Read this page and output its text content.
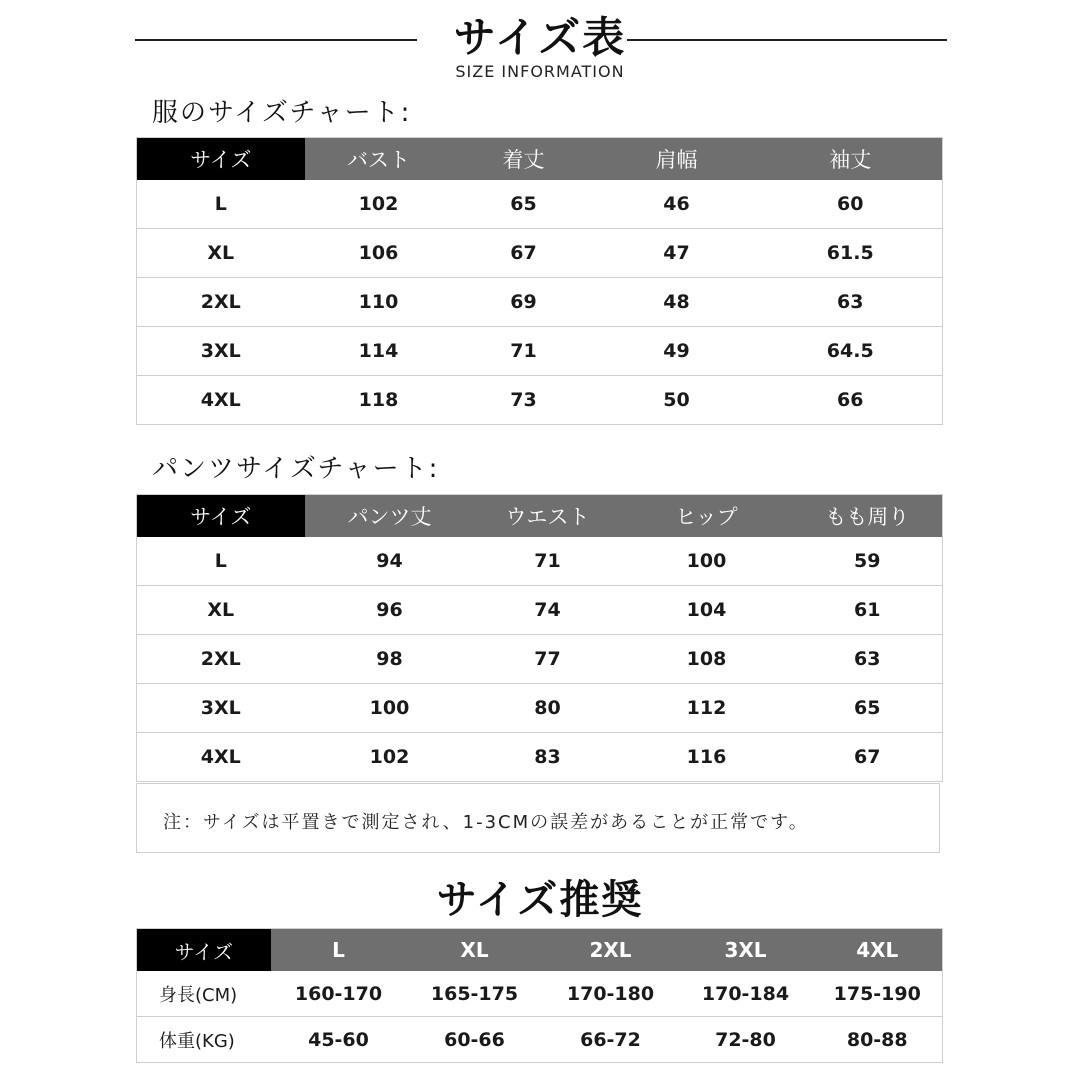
サイズ表
SIZE INFORMATION
服のサイズチャート:
サイズ	バスト	着丈	肩幅	袖丈
L	102	65	46	60
XL	106	67	47	61.5
2XL	110	69	48	63
3XL	114	71	49	64.5
4XL	118	73	50	66
パンツサイズチャート:
サイズ	パンツ丈	ウエスト	ヒップ	もも周り
L	94	71	100	59
XL	96	74	104	61
2XL	98	77	108	63
3XL	100	80	112	65
4XL	102	83	116	67
注：サイズは平置きで測定され、1-3CMの誤差があることが正常です。
サイズ推奨
サイズ	L	XL	2XL	3XL	4XL
身長(CM)	160-170	165-175	170-180	170-184	175-190
体重(KG)	45-60	60-66	66-72	72-80	80-88
